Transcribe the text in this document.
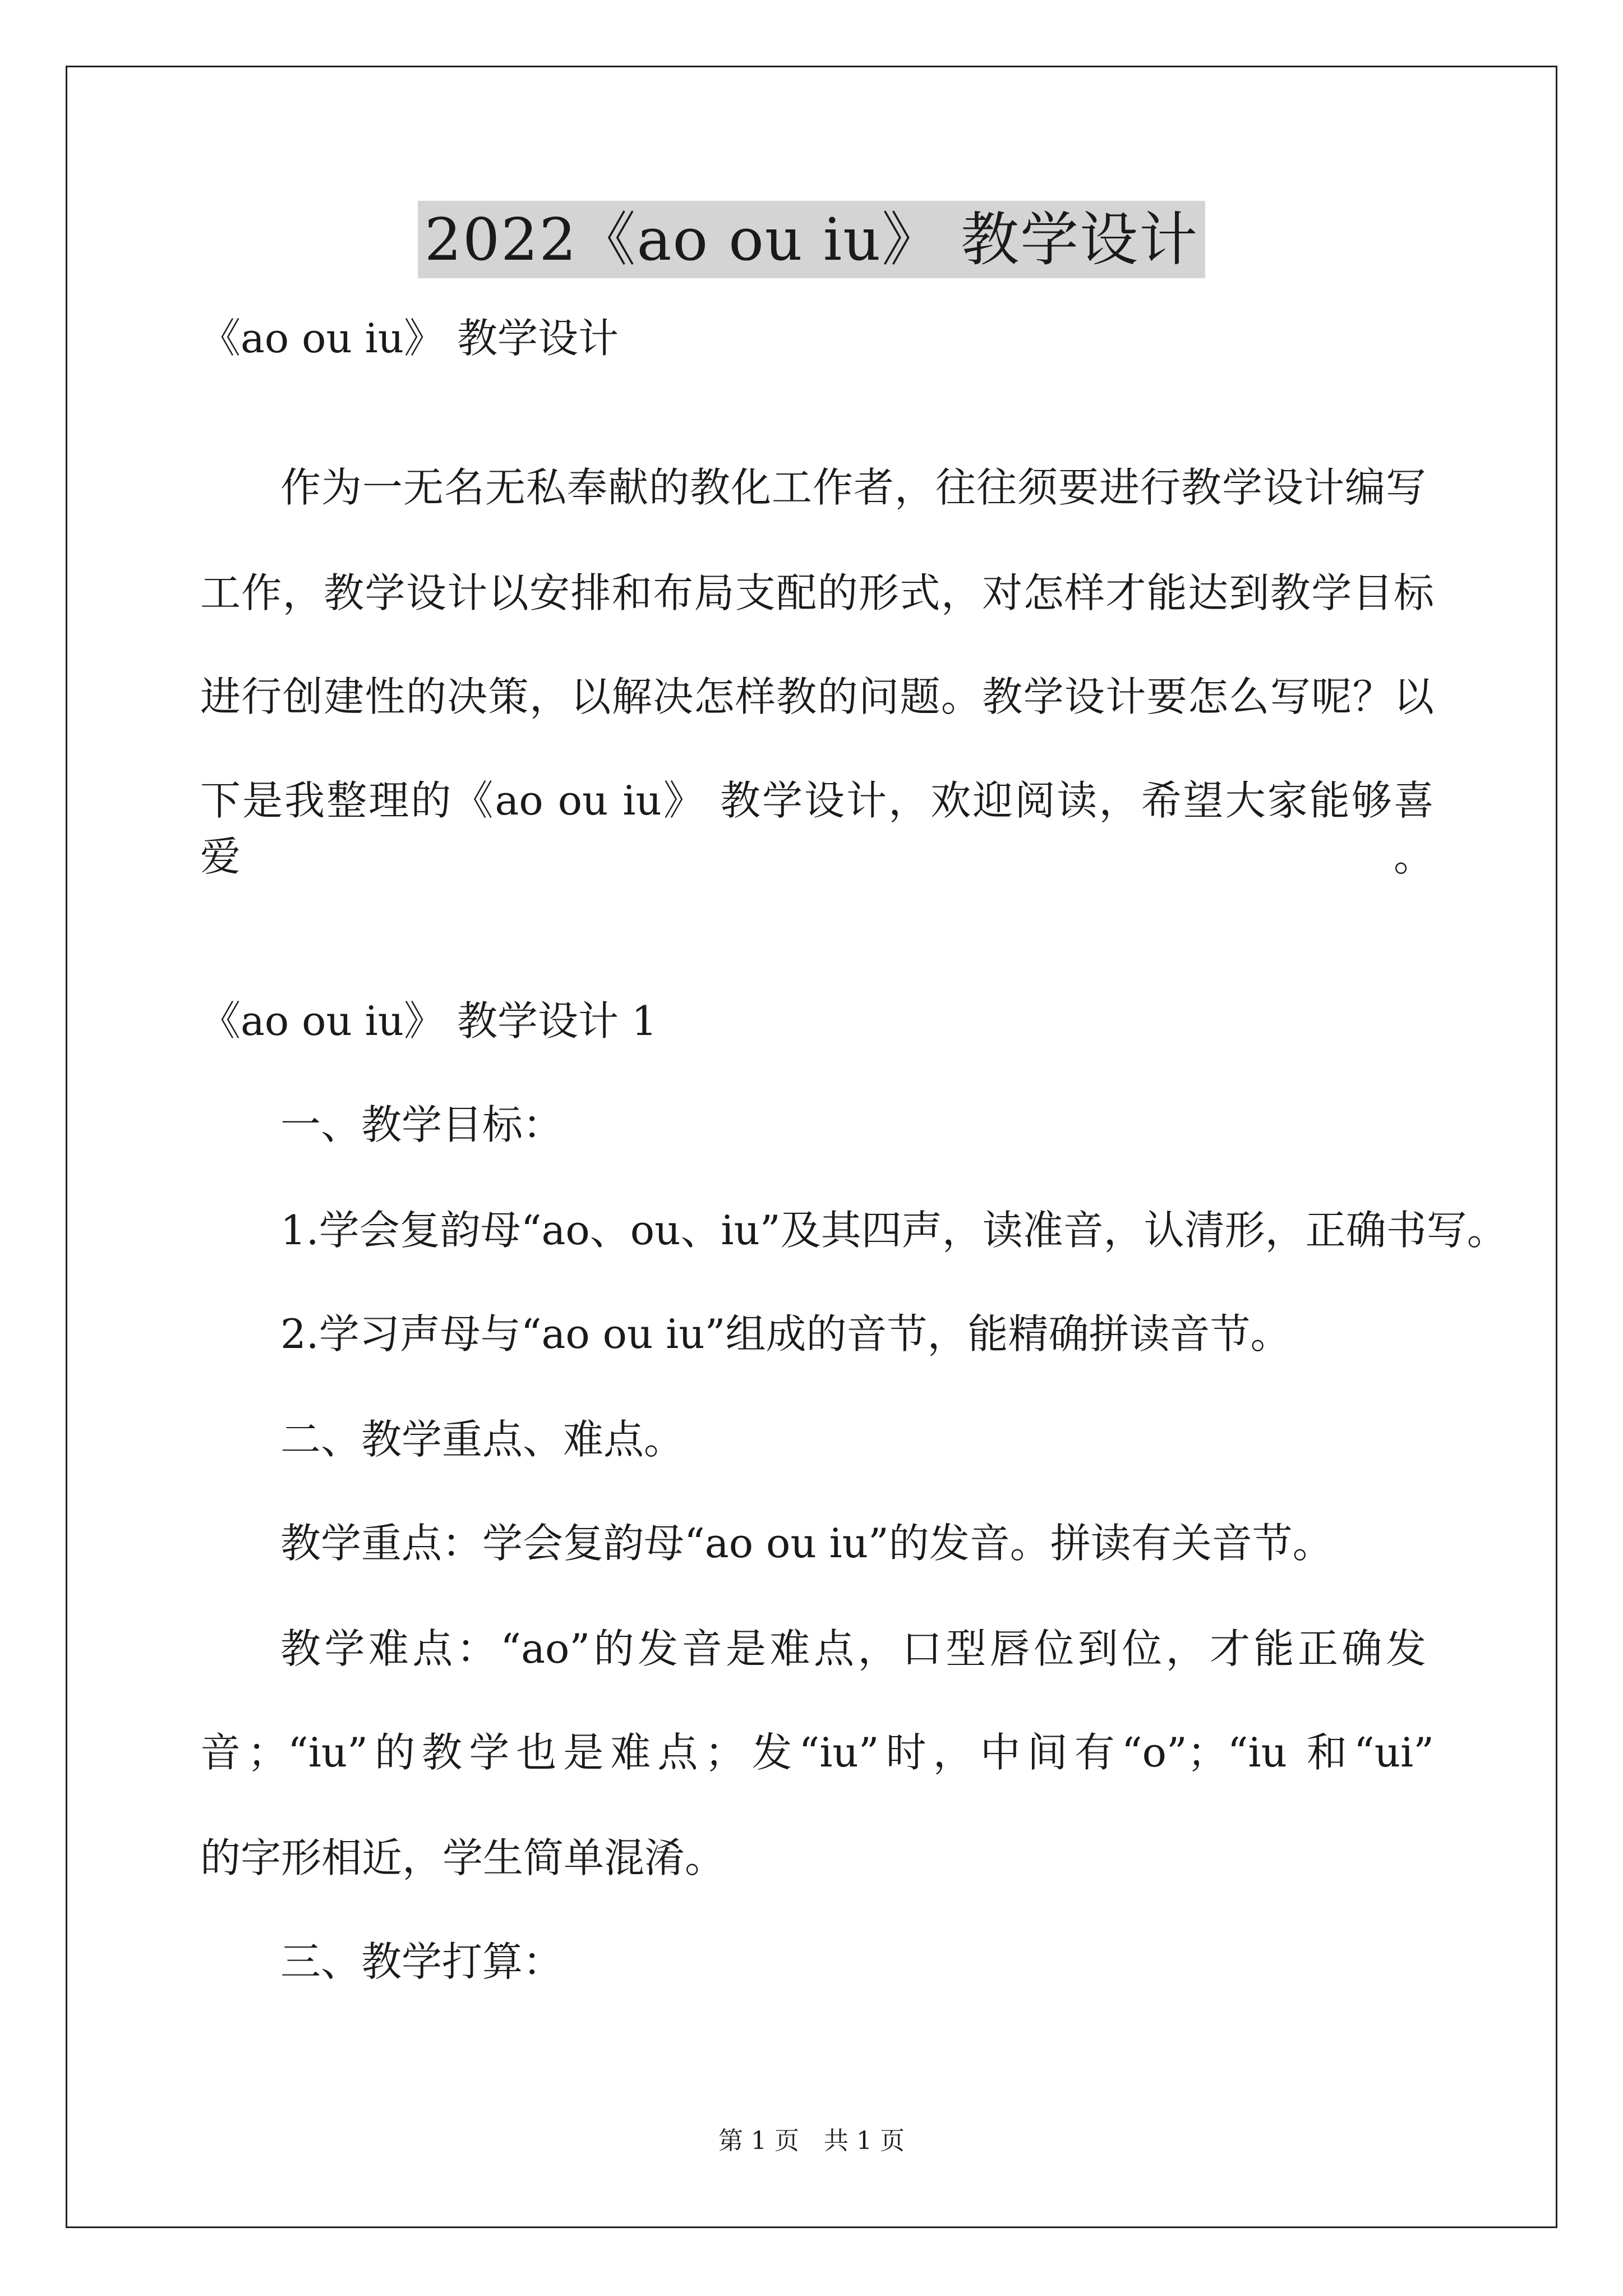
2022《ao ou iu》 教学设计
《ao ou iu》 教学设计
作为一无名无私奉献的教化工作者，往往须要进行教学设计编写
工作，教学设计以安排和布局支配的形式，对怎样才能达到教学目标
进行创建性的决策，以解决怎样教的问题。教学设计要怎么写呢？以
下是我整理的《ao ou iu》 教学设计，欢迎阅读，希望大家能够喜爱。
《ao ou iu》 教学设计 1
一、教学目标：
1.学会复韵母“ao、ou、iu”及其四声，读准音，认清形，正确书写。
2.学习声母与“ao ou iu”组成的音节，能精确拼读音节。
二、教学重点、难点。
教学重点：学会复韵母“ao ou iu”的发音。拼读有关音节。
教学难点：“ao”的发音是难点，口型唇位到位，才能正确发
音；“iu”的教学也是难点；发“iu”时，中间有“o”；“iu 和“ui”
的字形相近，学生简单混淆。
三、教学打算：
第 1 页　共 1 页
